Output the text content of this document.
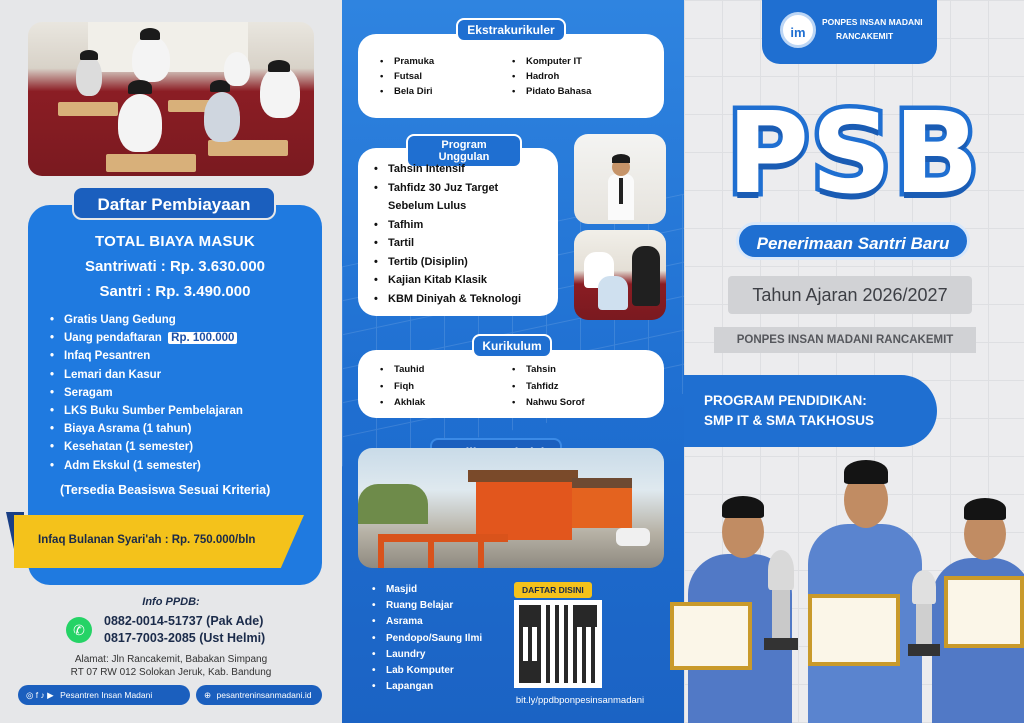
Daftar Pembiayaan
TOTAL BIAYA MASUK
Santriwati : Rp. 3.630.000
Santri : Rp. 3.490.000
• Gratis Uang Gedung
• Uang pendaftaran Rp. 100.000
• Infaq Pesantren
• Lemari dan Kasur
• Seragam
• LKS Buku Sumber Pembelajaran
• Biaya Asrama (1 tahun)
• Kesehatan (1 semester)
• Adm Ekskul (1 semester)
(Tersedia Beasiswa Sesuai Kriteria)
Infaq Bulanan Syari'ah : Rp. 750.000/bln
Info PPDB:
✆
0882-0014-51737 (Pak Ade)
0817-7003-2085 (Ust Helmi)
Alamat: Jln Rancakemit, Babakan Simpang
RT 07 RW 012 Solokan Jeruk, Kab. Bandung
◎ f ♪ ▶ Pesantren Insan Madani	⊕ pesantreninsanmadani.id
Ekstrakurikuler
• Pramuka
• Futsal
• Bela Diri
• Komputer IT
• Hadroh
• Pidato Bahasa
Program Unggulan
• Tahsin Intensif
• Tahfidz 30 Juz Target Sebelum Lulus
• Tafhim
• Tartil
• Tertib (Disiplin)
• Kajian Kitab Klasik
• KBM Diniyah & Teknologi
Kurikulum
• Tauhid
• Fiqh
• Akhlak
• Tahsin
• Tahfidz
• Nahwu Sorof
• Masjid
• Ruang Belajar
• Asrama
• Pendopo/Saung Ilmi
• Laundry
• Lab Komputer
• Lapangan
DAFTAR DISINI
bit.ly/ppdbponpesinsanmadani
im
PONPES INSAN MADANI
RANCAKEMIT
PSB
Penerimaan Santri Baru
Tahun Ajaran 2026/2027
PONPES INSAN MADANI RANCAKEMIT
PROGRAM PENDIDIKAN:
SMP IT & SMA TAKHOSUS
